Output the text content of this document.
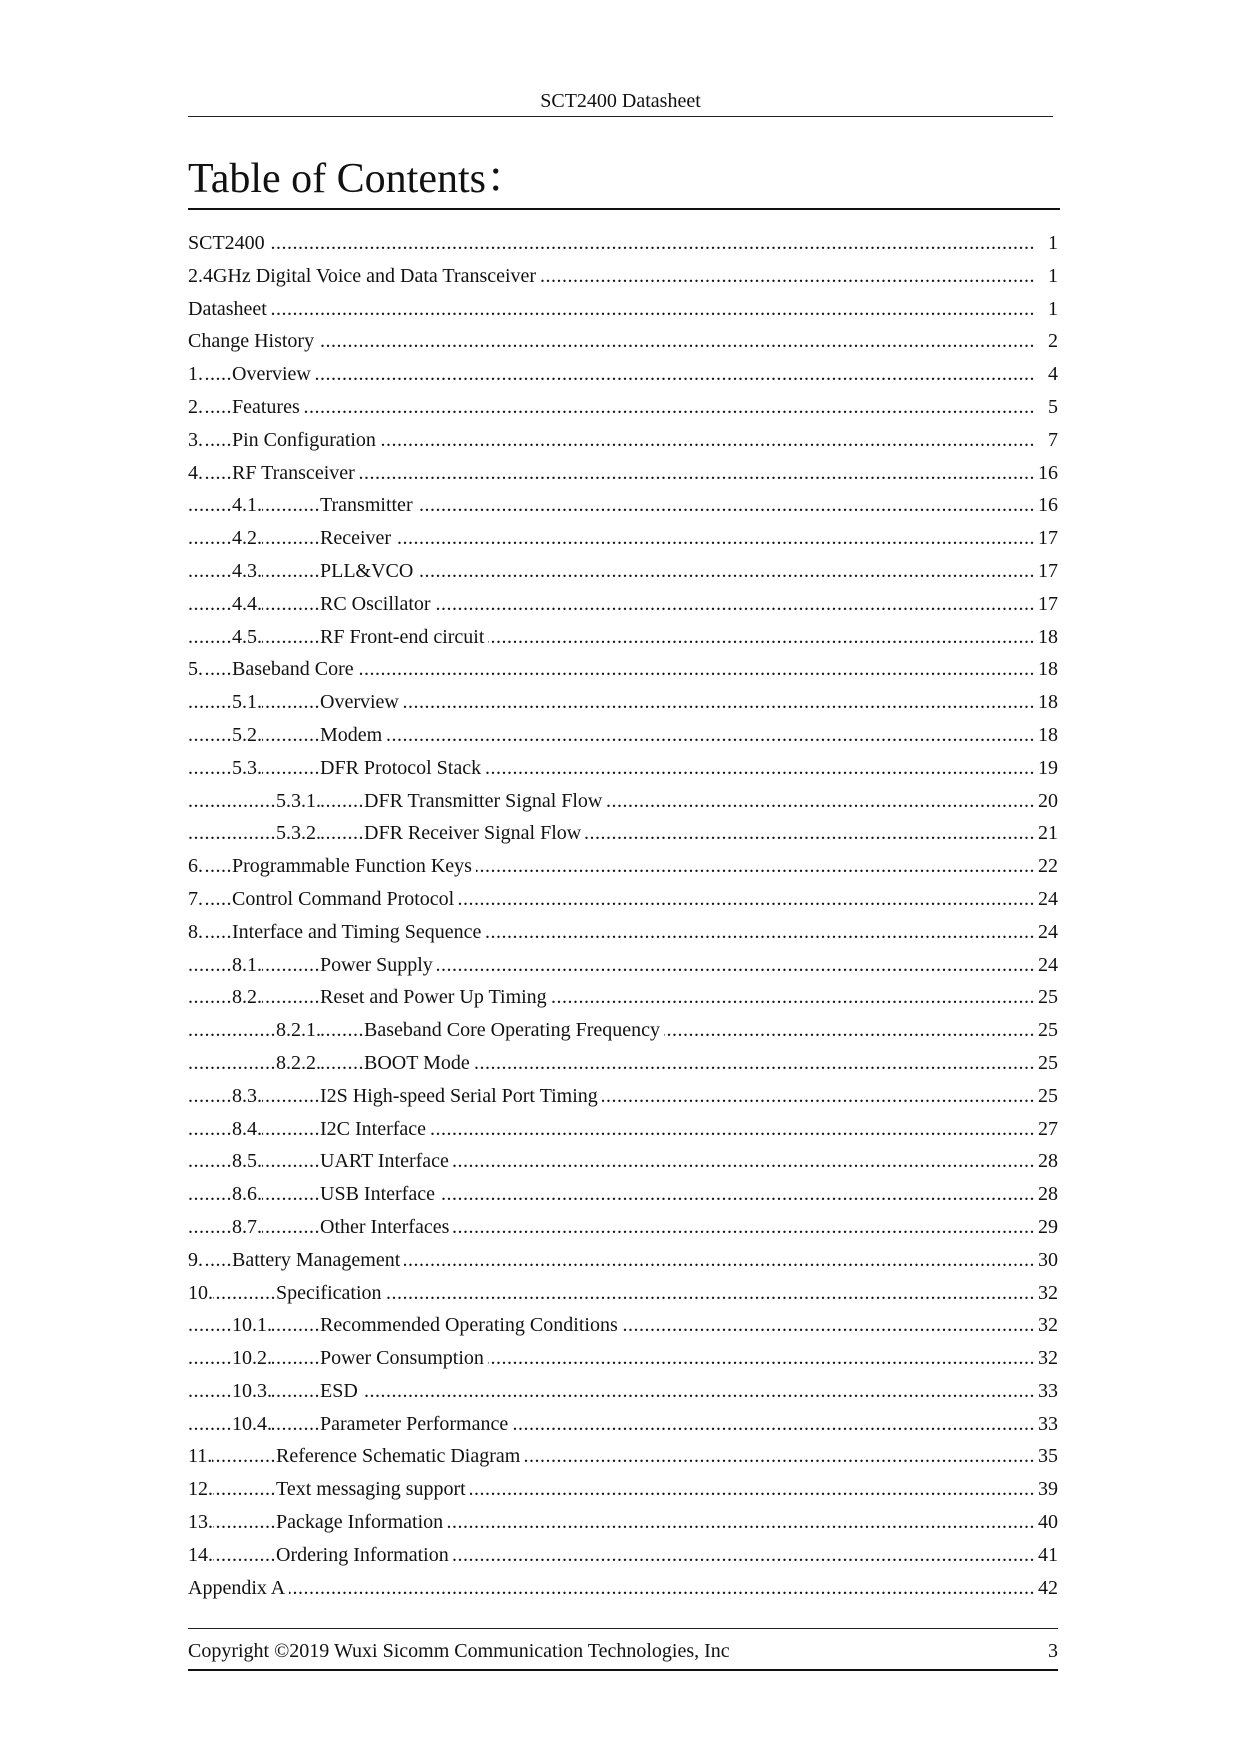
SCT2400 Datasheet
Table of Contents：
.....
SCT2400	1
.....
2.4GHz Digital Voice and Data Transceiver	1
.....
Datasheet	1
.....
Change History	2
.....
1. Overview	4
.....
2. Features	5
.....
3. Pin Configuration	7
.....
4. RF Transceiver	16
.....
4.1.	Transmitter	16
.....
4.2.	Receiver	17
.....
4.3.	PLL&VCO	17
.....
4.4.	RC Oscillator	17
.....
4.5.	RF Front-end circuit	18
.....
5. Baseband Core	18
.....
5.1.	Overview	18
.....
5.2.	Modem	18
.....
5.3.	DFR Protocol Stack	19
.....
5.3.1. DFR Transmitter Signal Flow	20
.....
5.3.2. DFR Receiver Signal Flow	21
.....
6. Programmable Function Keys	22
.....
7. Control Command Protocol	24
.....
8. Interface and Timing Sequence	24
.....
8.1.	Power Supply	24
.....
8.2.	Reset and Power Up Timing	25
.....
8.2.1. Baseband Core Operating Frequency	25
.....
8.2.2. BOOT Mode	25
.....
8.3.	I2S High-speed Serial Port Timing	25
.....
8.4.	I2C Interface	27
.....
8.5.	UART Interface	28
.....
8.6.	USB Interface	28
.....
8.7.	Other Interfaces	29
.....
9. Battery Management	30
.....
10.	Specification	32
.....
10.1. Recommended Operating Conditions	32
.....
10.2. Power Consumption	32
.....
10.3. ESD	33
.....
10.4. Parameter Performance	33
.....
11.	Reference Schematic Diagram	35
.....
12.	Text messaging support	39
.....
13.	Package Information	40
.....
14.	Ordering Information	41
.....
Appendix A	42
Copyright ©2019 Wuxi Sicomm Communication Technologies, Inc	3
